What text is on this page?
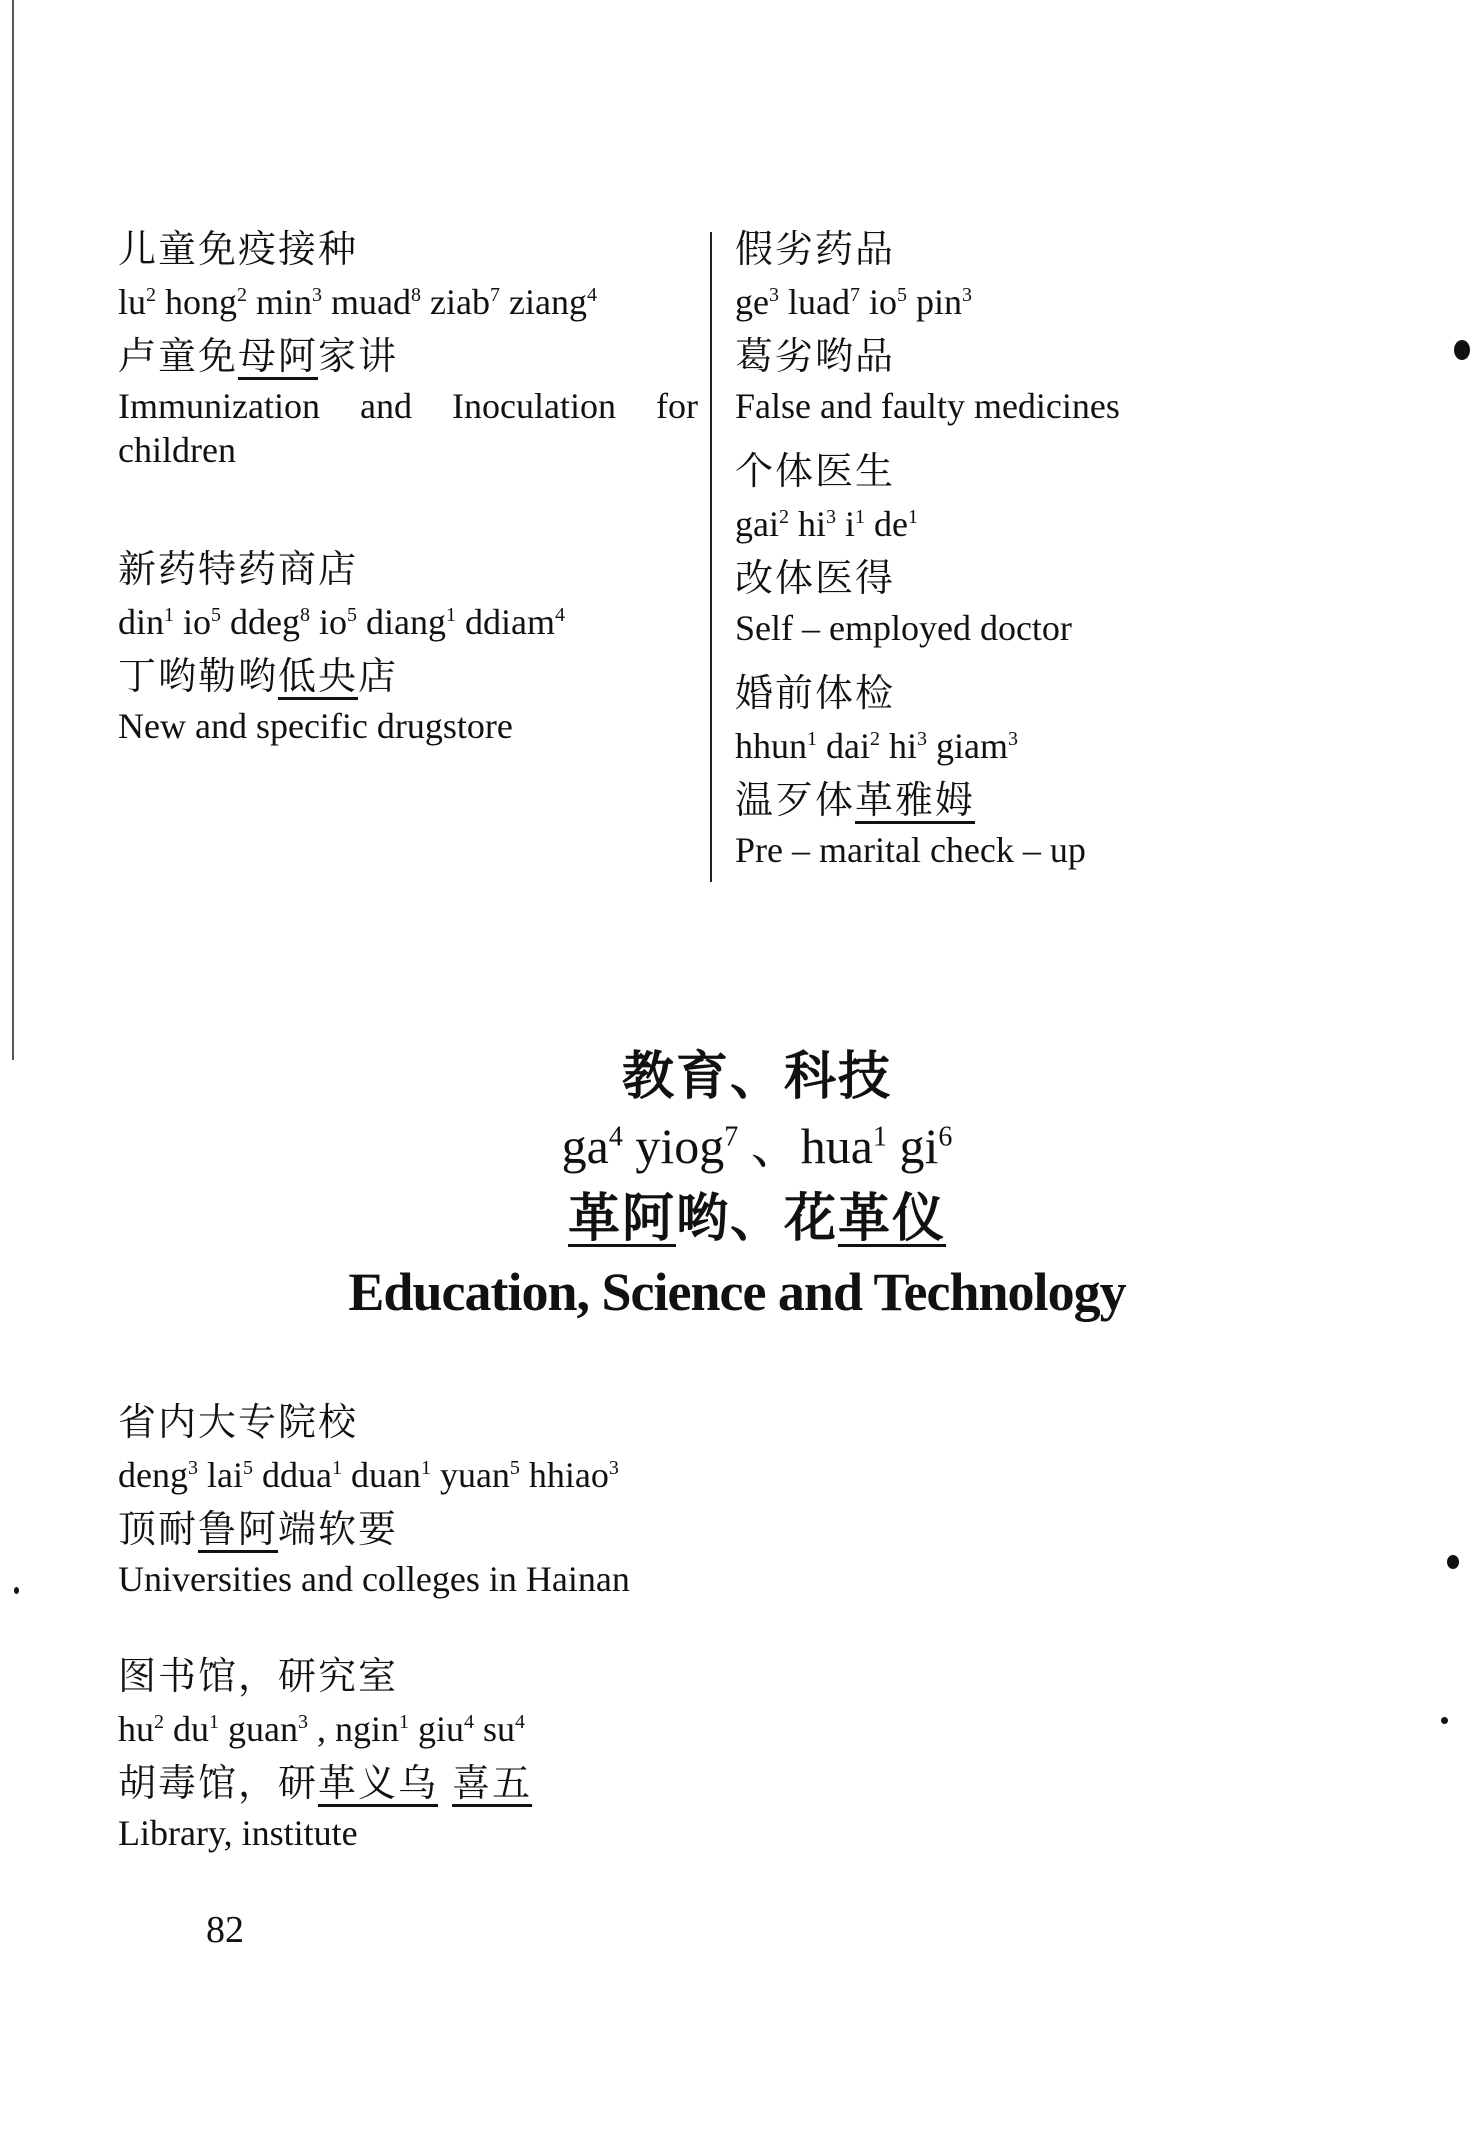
儿童免疫接种
$lu^2$ hong$^2$ $\min^3$ muad$^8$ ziab$^7$ ziang$^4$
卢童免母阿家讲
Immunization and Inoculation for children
新药特药商店
din$^1$ $io^5$ ddeg$^8$ $io^5$ diang$^1$ ddiam$^4$
丁哟勒哟低央店
New and specific drugstore
假劣药品
$ge^3$ luad$^7$ $io^5$ pin$^3$
葛劣哟品
False and faulty medicines
个体医生
gai$^2$ $hi^3$ $i^1$ $de^1$
改体医得
Self – employed doctor
婚前体检
hhun$^1$ dai$^2$ $hi^3$ giam$^3$
温歹体革雅姆
Pre – marital check – up
教育、科技
$ga^4$ yiog$^7$ 、hua$^1$ $gi^6$
革阿哟、花革仪
Education, Science and Technology
省内大专院校
deng$^3$ lai$^5$ ddua$^1$ duan$^1$ yuan$^5$ hhiao$^3$
顶耐鲁阿端软要
Universities and colleges in Hainan
图书馆，研究室
$hu^2$ $du^1$ guan$^3$ , ngin$^1$ giu$^4$ $su^4$
胡毒馆，研革义乌 喜五
Library, institute
82
